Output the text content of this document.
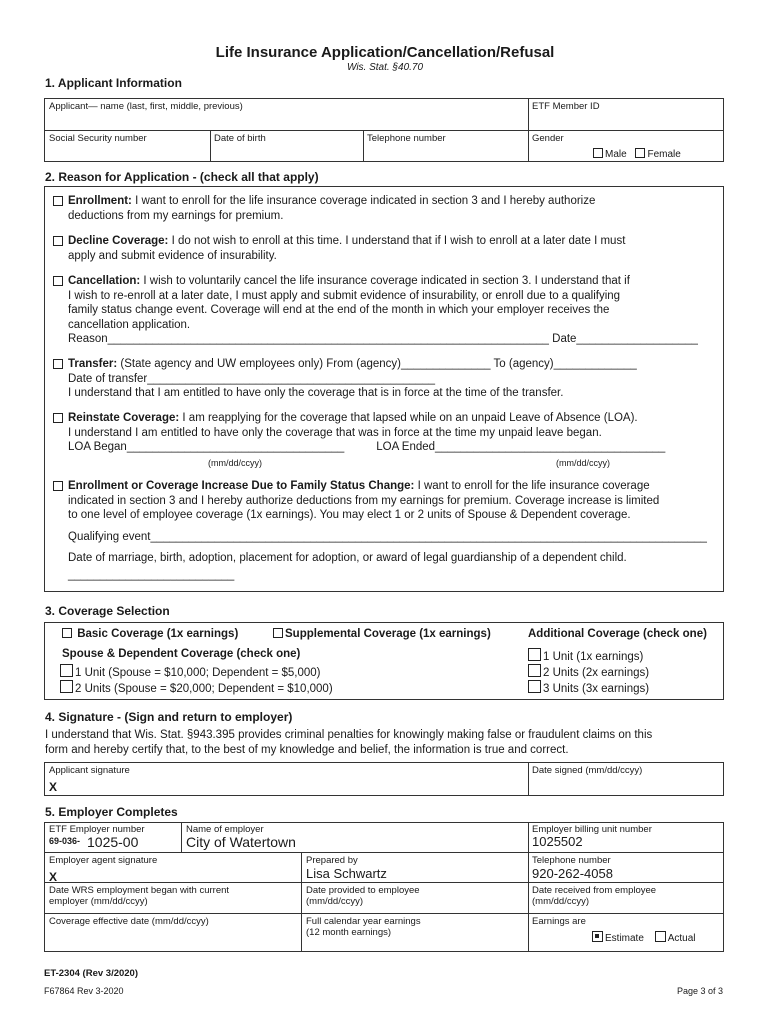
Life Insurance Application/Cancellation/Refusal
Wis. Stat. §40.70
1. Applicant Information
Applicant— name (last, first, middle, previous)	ETF Member ID
Social Security number	Date of birth	Telephone number	Gender
Male Female
2. Reason for Application - (check all that apply)
Enrollment: I want to enroll for the life insurance coverage indicated in section 3 and I hereby authorize
deductions from my earnings for premium.
Decline Coverage: I do not wish to enroll at this time. I understand that if I wish to enroll at a later date I must
apply and submit evidence of insurability.
Cancellation: I wish to voluntarily cancel the life insurance coverage indicated in section 3. I understand that if
I wish to re-enroll at a later date, I must apply and submit evidence of insurability, or enroll due to a qualifying
family status change event. Coverage will end at the end of the month in which your employer receives the
cancellation application.
Reason_____________________________________________________________________ Date___________________
Transfer: (State agency and UW employees only) From (agency)______________ To (agency)_____________
Date of transfer_____________________________________________
I understand that I am entitled to have only the coverage that is in force at the time of the transfer.
Reinstate Coverage: I am reapplying for the coverage that lapsed while on an unpaid Leave of Absence (LOA).
I understand I am entitled to have only the coverage that was in force at the time my unpaid leave began.
LOA Began__________________________________          LOA Ended____________________________________
(mm/dd/ccyy)	(mm/dd/ccyy)
Enrollment or Coverage Increase Due to Family Status Change: I want to enroll for the life insurance coverage
indicated in section 3 and I hereby authorize deductions from my earnings for premium. Coverage increase is limited
to one level of employee coverage (1x earnings). You may elect 1 or 2 units of Spouse & Dependent coverage.
Qualifying event_______________________________________________________________________________________
Date of marriage, birth, adoption, placement for adoption, or award of legal guardianship of a dependent child.
__________________________
3. Coverage Selection
Basic Coverage (1x earnings)	Supplemental Coverage (1x earnings)	Additional Coverage (check one)
Spouse & Dependent Coverage (check one)
1 Unit (Spouse = $10,000; Dependent = $5,000)
2 Units (Spouse = $20,000; Dependent = $10,000)
1 Unit (1x earnings)
2 Units (2x earnings)
3 Units (3x earnings)
4. Signature - (Sign and return to employer)
I understand that Wis. Stat. §943.395 provides criminal penalties for knowingly making false or fraudulent claims on this
form and hereby certify that, to the best of my knowledge and belief, the information is true and correct.
Applicant signature
X
Date signed (mm/dd/ccyy)
5. Employer Completes
ETF Employer number
69-036- 1025-00
Name of employer
City of Watertown
Employer billing unit number
1025502
Employer agent signature
X
Prepared by
Lisa Schwartz
Telephone number
920-262-4058
Date WRS employment began with current
employer (mm/dd/ccyy)
Date provided to employee
(mm/dd/ccyy)
Date received from employee
(mm/dd/ccyy)
Coverage effective date (mm/dd/ccyy)	Full calendar year earnings
(12 month earnings)
Earnings are
Estimate Actual
ET-2304 (Rev 3/2020)
F67864 Rev 3-2020	Page 3 of 3
